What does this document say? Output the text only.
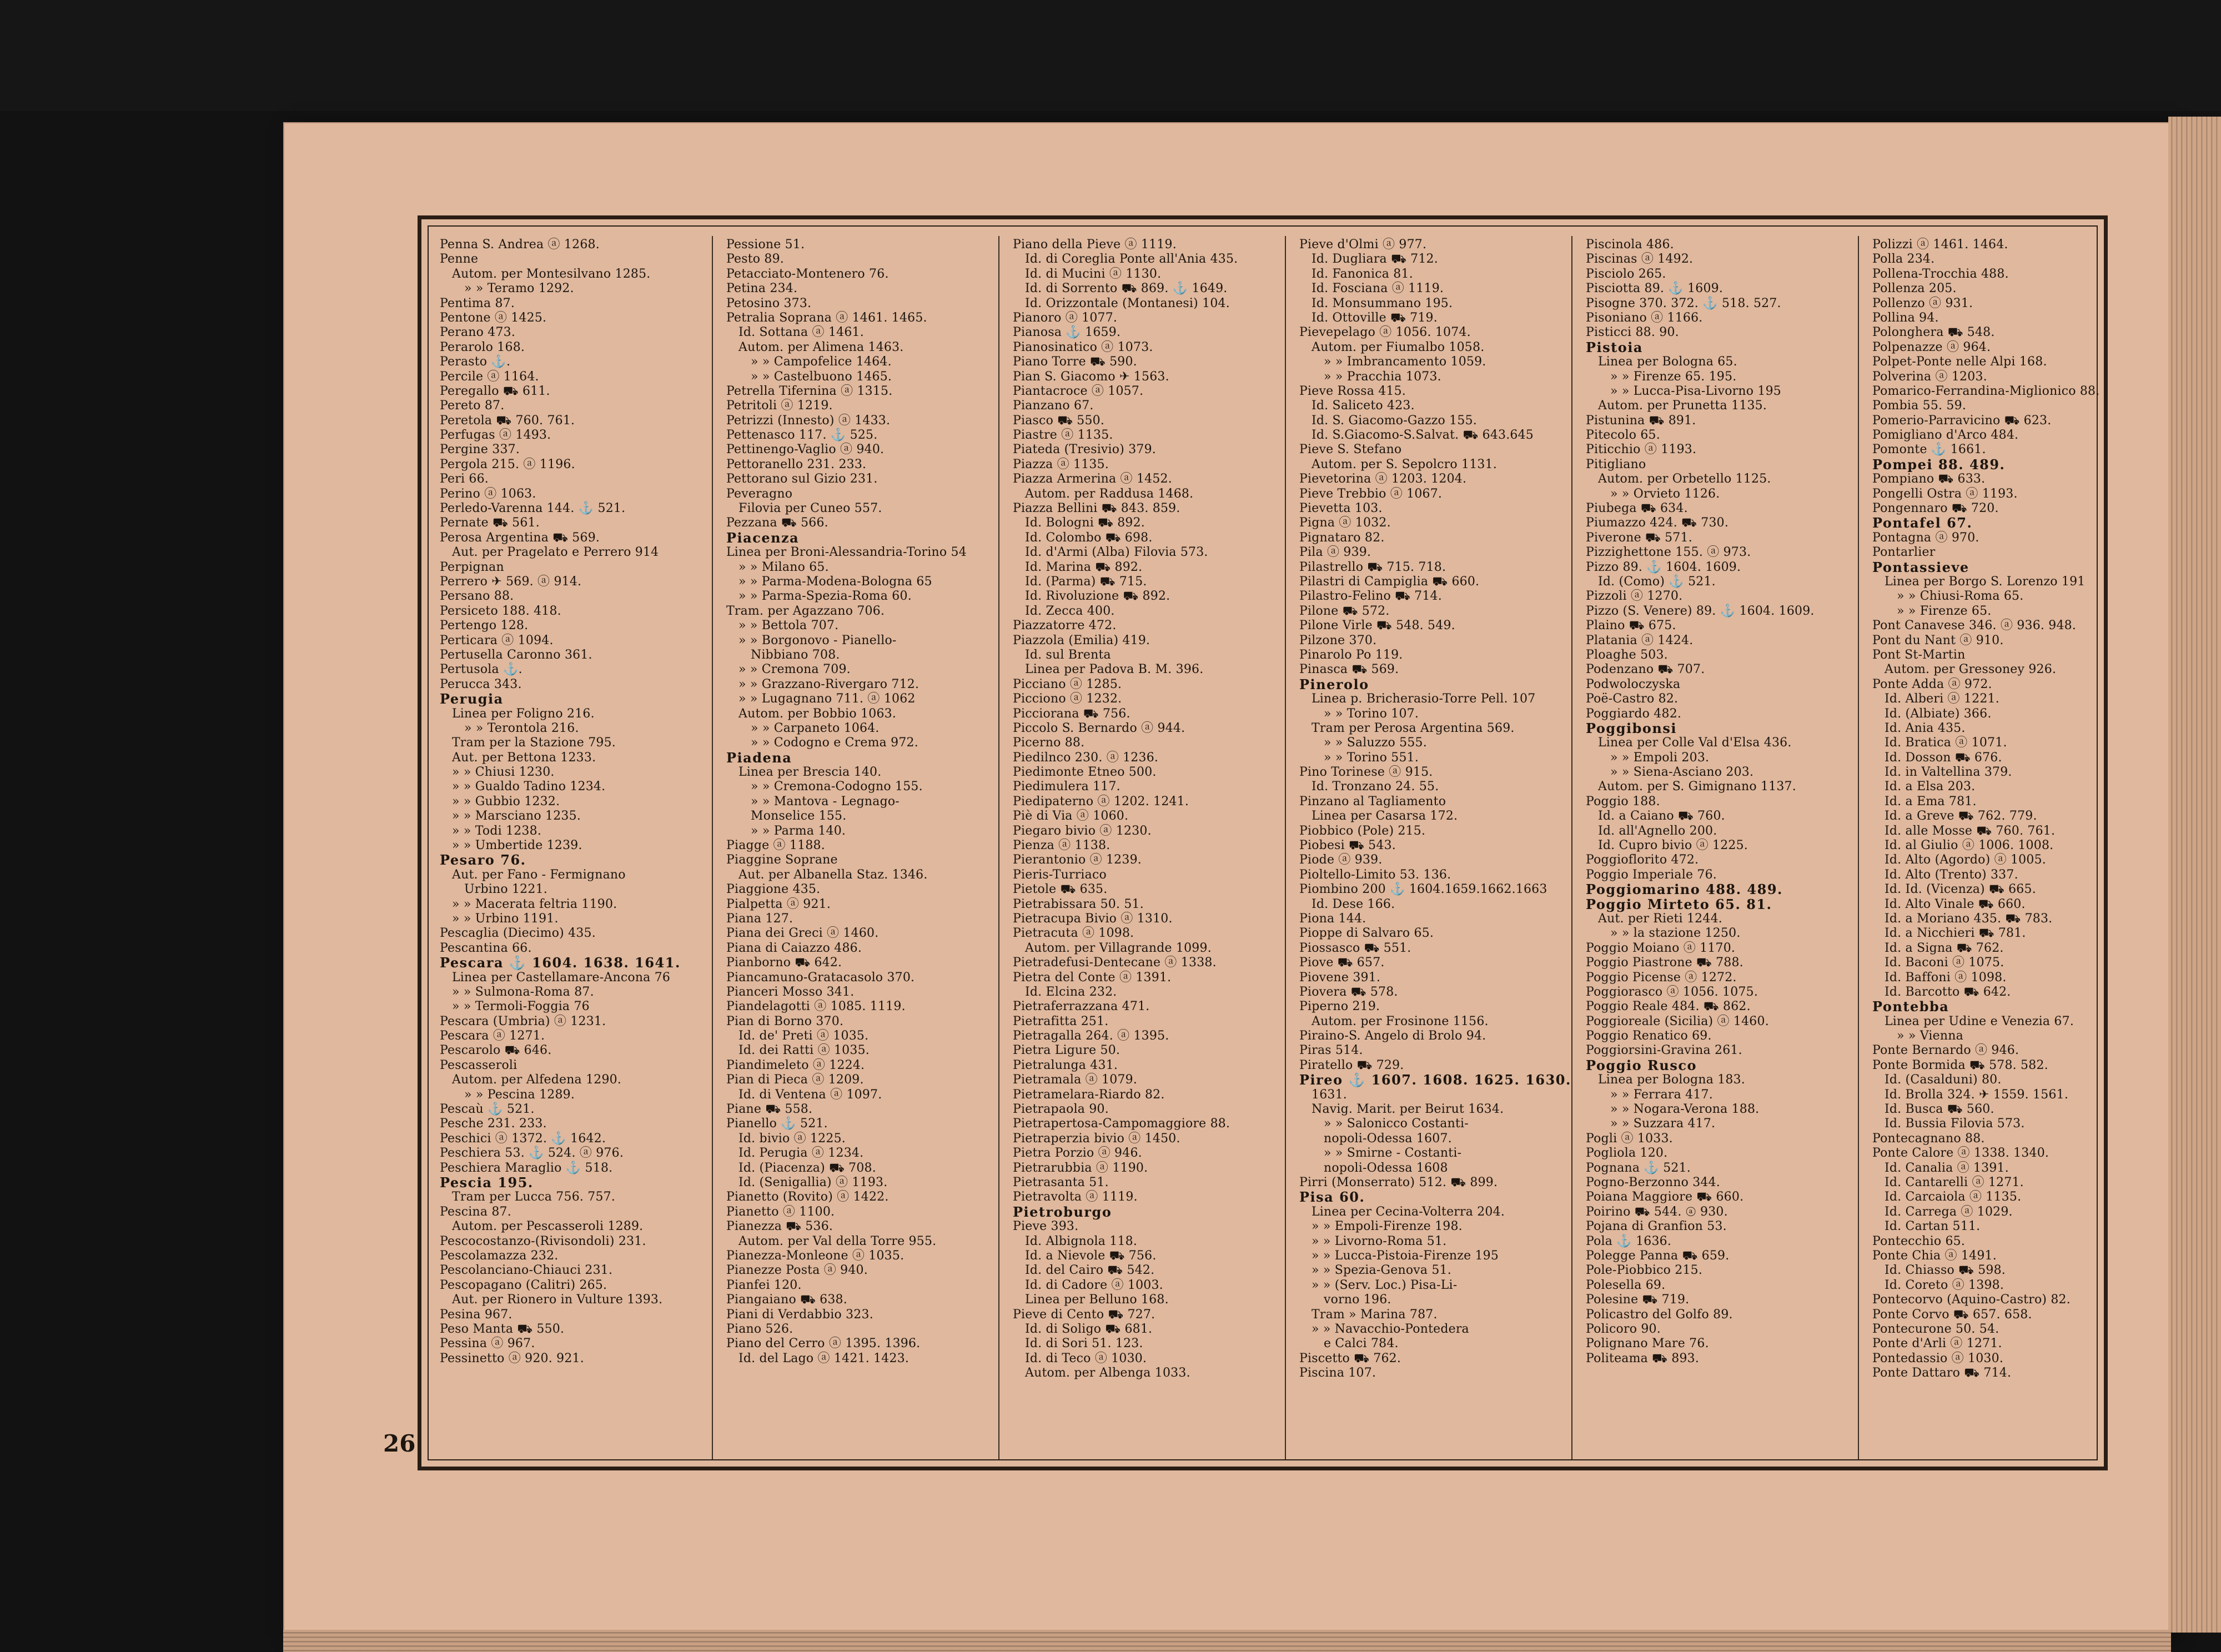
Penna S. Andrea ⓐ 1268.
Penne
Autom. per Montesilvano 1285.
» » Teramo 1292.
Pentima 87.
Pentone ⓐ 1425.
Perano 473.
Perarolo 168.
Perasto ⚓.
Percile ⓐ 1164.
Peregallo ⛟ 611.
Pereto 87.
Peretola ⛟ 760. 761.
Perfugas ⓐ 1493.
Pergine 337.
Pergola 215. ⓐ 1196.
Peri 66.
Perino ⓐ 1063.
Perledo-Varenna 144. ⚓ 521.
Pernate ⛟ 561.
Perosa Argentina ⛟ 569.
Aut. per Pragelato e Perrero 914
Perpignan
Perrero ✈ 569. ⓐ 914.
Persano 88.
Persiceto 188. 418.
Pertengo 128.
Perticara ⓐ 1094.
Pertusella Caronno 361.
Pertusola ⚓.
Perucca 343.
Perugia
Linea per Foligno 216.
» » Terontola 216.
Tram per la Stazione 795.
Aut. per Bettona 1233.
» » Chiusi 1230.
» » Gualdo Tadino 1234.
» » Gubbio 1232.
» » Marsciano 1235.
» » Todi 1238.
» » Umbertide 1239.
Pesaro 76.
Aut. per Fano - Fermignano
Urbino 1221.
» » Macerata feltria 1190.
» » Urbino 1191.
Pescaglia (Diecimo) 435.
Pescantina 66.
Pescara ⚓ 1604. 1638. 1641.
Linea per Castellamare-Ancona 76
» » Sulmona-Roma 87.
» » Termoli-Foggia 76
Pescara (Umbria) ⓐ 1231.
Pescara ⓐ 1271.
Pescarolo ⛟ 646.
Pescasseroli
Autom. per Alfedena 1290.
» » Pescina 1289.
Pescaù ⚓ 521.
Pesche 231. 233.
Peschici ⓐ 1372. ⚓ 1642.
Peschiera 53. ⚓ 524. ⓐ 976.
Peschiera Maraglio ⚓ 518.
Pescia 195.
Tram per Lucca 756. 757.
Pescina 87.
Autom. per Pescasseroli 1289.
Pescocostanzo-(Rivisondoli) 231.
Pescolamazza 232.
Pescolanciano-Chiauci 231.
Pescopagano (Calitri) 265.
Aut. per Rionero in Vulture 1393.
Pesina 967.
Peso Manta ⛟ 550.
Pessina ⓐ 967.
Pessinetto ⓐ 920. 921.
Pessione 51.
Pesto 89.
Petacciato-Montenero 76.
Petina 234.
Petosino 373.
Petralia Soprana ⓐ 1461. 1465.
Id. Sottana ⓐ 1461.
Autom. per Alimena 1463.
» » Campofelice 1464.
» » Castelbuono 1465.
Petrella Tifernina ⓐ 1315.
Petritoli ⓐ 1219.
Petrizzi (Innesto) ⓐ 1433.
Pettenasco 117. ⚓ 525.
Pettinengo-Vaglio ⓐ 940.
Pettoranello 231. 233.
Pettorano sul Gizio 231.
Peveragno
Filovia per Cuneo 557.
Pezzana ⛟ 566.
Piacenza
Linea per Broni-Alessandria-Torino 54
» » Milano 65.
» » Parma-Modena-Bologna 65
» » Parma-Spezia-Roma 60.
Tram. per Agazzano 706.
» » Bettola 707.
» » Borgonovo - Pianello-
Nibbiano 708.
» » Cremona 709.
» » Grazzano-Rivergaro 712.
» » Lugagnano 711. ⓐ 1062
Autom. per Bobbio 1063.
» » Carpaneto 1064.
» » Codogno e Crema 972.
Piadena
Linea per Brescia 140.
» » Cremona-Codogno 155.
» » Mantova - Legnago-
Monselice 155.
» » Parma 140.
Piagge ⓐ 1188.
Piaggine Soprane
Aut. per Albanella Staz. 1346.
Piaggione 435.
Pialpetta ⓐ 921.
Piana 127.
Piana dei Greci ⓐ 1460.
Piana di Caiazzo 486.
Pianborno ⛟ 642.
Piancamuno-Gratacasolo 370.
Pianceri Mosso 341.
Piandelagotti ⓐ 1085. 1119.
Pian di Borno 370.
Id. de' Preti ⓐ 1035.
Id. dei Ratti ⓐ 1035.
Piandimeleto ⓐ 1224.
Pian di Pieca ⓐ 1209.
Id. di Ventena ⓐ 1097.
Piane ⛟ 558.
Pianello ⚓ 521.
Id. bivio ⓐ 1225.
Id. Perugia ⓐ 1234.
Id. (Piacenza) ⛟ 708.
Id. (Senigallia) ⓐ 1193.
Pianetto (Rovito) ⓐ 1422.
Pianetto ⓐ 1100.
Pianezza ⛟ 536.
Autom. per Val della Torre 955.
Pianezza-Monleone ⓐ 1035.
Pianezze Posta ⓐ 940.
Pianfei 120.
Piangaiano ⛟ 638.
Piani di Verdabbio 323.
Piano 526.
Piano del Cerro ⓐ 1395. 1396.
Id. del Lago ⓐ 1421. 1423.
Piano della Pieve ⓐ 1119.
Id. di Coreglia Ponte all'Ania 435.
Id. di Mucini ⓐ 1130.
Id. di Sorrento ⛟ 869. ⚓ 1649.
Id. Orizzontale (Montanesi) 104.
Pianoro ⓐ 1077.
Pianosa ⚓ 1659.
Pianosinatico ⓐ 1073.
Piano Torre ⛟ 590.
Pian S. Giacomo ✈ 1563.
Piantacroce ⓐ 1057.
Pianzano 67.
Piasco ⛟ 550.
Piastre ⓐ 1135.
Piateda (Tresivio) 379.
Piazza ⓐ 1135.
Piazza Armerina ⓐ 1452.
Autom. per Raddusa 1468.
Piazza Bellini ⛟ 843. 859.
Id. Bologni ⛟ 892.
Id. Colombo ⛟ 698.
Id. d'Armi (Alba) Filovia 573.
Id. Marina ⛟ 892.
Id. (Parma) ⛟ 715.
Id. Rivoluzione ⛟ 892.
Id. Zecca 400.
Piazzatorre 472.
Piazzola (Emilia) 419.
Id. sul Brenta
Linea per Padova B. M. 396.
Picciano ⓐ 1285.
Picciono ⓐ 1232.
Picciorana ⛟ 756.
Piccolo S. Bernardo ⓐ 944.
Picerno 88.
Piedilnco 230. ⓐ 1236.
Piedimonte Etneo 500.
Piedimulera 117.
Piedipaterno ⓐ 1202. 1241.
Piè di Via ⓐ 1060.
Piegaro bivio ⓐ 1230.
Pienza ⓐ 1138.
Pierantonio ⓐ 1239.
Pieris-Turriaco
Pietole ⛟ 635.
Pietrabissara 50. 51.
Pietracupa Bivio ⓐ 1310.
Pietracuta ⓐ 1098.
Autom. per Villagrande 1099.
Pietradefusi-Dentecane ⓐ 1338.
Pietra del Conte ⓐ 1391.
Id. Elcina 232.
Pietraferrazzana 471.
Pietrafitta 251.
Pietragalla 264. ⓐ 1395.
Pietra Ligure 50.
Pietralunga 431.
Pietramala ⓐ 1079.
Pietramelara-Riardo 82.
Pietrapaola 90.
Pietrapertosa-Campomaggiore 88.
Pietraperzia bivio ⓐ 1450.
Pietra Porzio ⓐ 946.
Pietrarubbia ⓐ 1190.
Pietrasanta 51.
Pietravolta ⓐ 1119.
Pietroburgo
Pieve 393.
Id. Albignola 118.
Id. a Nievole ⛟ 756.
Id. del Cairo ⛟ 542.
Id. di Cadore ⓐ 1003.
Linea per Belluno 168.
Pieve di Cento ⛟ 727.
Id. di Soligo ⛟ 681.
Id. di Sori 51. 123.
Id. di Teco ⓐ 1030.
Autom. per Albenga 1033.
Pieve d'Olmi ⓐ 977.
Id. Dugliara ⛟ 712.
Id. Fanonica 81.
Id. Fosciana ⓐ 1119.
Id. Monsummano 195.
Id. Ottoville ⛟ 719.
Pievepelago ⓐ 1056. 1074.
Autom. per Fiumalbo 1058.
» » Imbrancamento 1059.
» » Pracchia 1073.
Pieve Rossa 415.
Id. Saliceto 423.
Id. S. Giacomo-Gazzo 155.
Id. S.Giacomo-S.Salvat. ⛟ 643.645
Pieve S. Stefano
Autom. per S. Sepolcro 1131.
Pievetorina ⓐ 1203. 1204.
Pieve Trebbio ⓐ 1067.
Pievetta 103.
Pigna ⓐ 1032.
Pignataro 82.
Pila ⓐ 939.
Pilastrello ⛟ 715. 718.
Pilastri di Campiglia ⛟ 660.
Pilastro-Felino ⛟ 714.
Pilone ⛟ 572.
Pilone Virle ⛟ 548. 549.
Pilzone 370.
Pinarolo Po 119.
Pinasca ⛟ 569.
Pinerolo
Linea p. Bricherasio-Torre Pell. 107
» » Torino 107.
Tram per Perosa Argentina 569.
» » Saluzzo 555.
» » Torino 551.
Pino Torinese ⓐ 915.
Id. Tronzano 24. 55.
Pinzano al Tagliamento
Linea per Casarsa 172.
Piobbico (Pole) 215.
Piobesi ⛟ 543.
Piode ⓐ 939.
Pioltello-Limito 53. 136.
Piombino 200 ⚓ 1604.1659.1662.1663
Id. Dese 166.
Piona 144.
Pioppe di Salvaro 65.
Piossasco ⛟ 551.
Piove ⛟ 657.
Piovene 391.
Piovera ⛟ 578.
Piperno 219.
Autom. per Frosinone 1156.
Piraino-S. Angelo di Brolo 94.
Piras 514.
Piratello ⛟ 729.
Pireo ⚓ 1607. 1608. 1625. 1630.
1631.
Navig. Marit. per Beirut 1634.
» » Salonicco Costanti-
nopoli-Odessa 1607.
» » Smirne - Costanti-
nopoli-Odessa 1608
Pirri (Monserrato) 512. ⛟ 899.
Pisa 60.
Linea per Cecina-Volterra 204.
» » Empoli-Firenze 198.
» » Livorno-Roma 51.
» » Lucca-Pistoia-Firenze 195
» » Spezia-Genova 51.
» » (Serv. Loc.) Pisa-Li-
vorno 196.
Tram » Marina 787.
» » Navacchio-Pontedera
e Calci 784.
Piscetto ⛟ 762.
Piscina 107.
Piscinola 486.
Piscinas ⓐ 1492.
Pisciolo 265.
Pisciotta 89. ⚓ 1609.
Pisogne 370. 372. ⚓ 518. 527.
Pisoniano ⓐ 1166.
Pisticci 88. 90.
Pistoia
Linea per Bologna 65.
» » Firenze 65. 195.
» » Lucca-Pisa-Livorno 195
Autom. per Prunetta 1135.
Pistunina ⛟ 891.
Pitecolo 65.
Piticchio ⓐ 1193.
Pitigliano
Autom. per Orbetello 1125.
» » Orvieto 1126.
Piubega ⛟ 634.
Piumazzo 424. ⛟ 730.
Piverone ⛟ 571.
Pizzighettone 155. ⓐ 973.
Pizzo 89. ⚓ 1604. 1609.
Id. (Como) ⚓ 521.
Pizzoli ⓐ 1270.
Pizzo (S. Venere) 89. ⚓ 1604. 1609.
Plaino ⛟ 675.
Platania ⓐ 1424.
Ploaghe 503.
Podenzano ⛟ 707.
Podwoloczyska
Poë-Castro 82.
Poggiardo 482.
Poggibonsi
Linea per Colle Val d'Elsa 436.
» » Empoli 203.
» » Siena-Asciano 203.
Autom. per S. Gimignano 1137.
Poggio 188.
Id. a Caiano ⛟ 760.
Id. all'Agnello 200.
Id. Cupro bivio ⓐ 1225.
Poggioflorito 472.
Poggio Imperiale 76.
Poggiomarino 488. 489.
Poggio Mirteto 65. 81.
Aut. per Rieti 1244.
» » la stazione 1250.
Poggio Moiano ⓐ 1170.
Poggio Piastrone ⛟ 788.
Poggio Picense ⓐ 1272.
Poggiorasco ⓐ 1056. 1075.
Poggio Reale 484. ⛟ 862.
Poggioreale (Sicilia) ⓐ 1460.
Poggio Renatico 69.
Poggiorsini-Gravina 261.
Poggio Rusco
Linea per Bologna 183.
» » Ferrara 417.
» » Nogara-Verona 188.
» » Suzzara 417.
Pogli ⓐ 1033.
Pogliola 120.
Pognana ⚓ 521.
Pogno-Berzonno 344.
Poiana Maggiore ⛟ 660.
Poirino ⛟ 544. ⓐ 930.
Pojana di Granfion 53.
Pola ⚓ 1636.
Polegge Panna ⛟ 659.
Pole-Piobbico 215.
Polesella 69.
Polesine ⛟ 719.
Policastro del Golfo 89.
Policoro 90.
Polignano Mare 76.
Politeama ⛟ 893.
Polizzi ⓐ 1461. 1464.
Polla 234.
Pollena-Trocchia 488.
Pollenza 205.
Pollenzo ⓐ 931.
Pollina 94.
Polonghera ⛟ 548.
Polpenazze ⓐ 964.
Polpet-Ponte nelle Alpi 168.
Polverina ⓐ 1203.
Pomarico-Ferrandina-Miglionico 88.
Pombia 55. 59.
Pomerio-Parravicino ⛟ 623.
Pomigliano d'Arco 484.
Pomonte ⚓ 1661.
Pompei 88. 489.
Pompiano ⛟ 633.
Pongelli Ostra ⓐ 1193.
Pongennaro ⛟ 720.
Pontafel 67.
Pontagna ⓐ 970.
Pontarlier
Pontassieve
Linea per Borgo S. Lorenzo 191
» » Chiusi-Roma 65.
» » Firenze 65.
Pont Canavese 346. ⓐ 936. 948.
Pont du Nant ⓐ 910.
Pont St-Martin
Autom. per Gressoney 926.
Ponte Adda ⓐ 972.
Id. Alberi ⓐ 1221.
Id. (Albiate) 366.
Id. Ania 435.
Id. Bratica ⓐ 1071.
Id. Dosson ⛟ 676.
Id. in Valtellina 379.
Id. a Elsa 203.
Id. a Ema 781.
Id. a Greve ⛟ 762. 779.
Id. alle Mosse ⛟ 760. 761.
Id. al Giulio ⓐ 1006. 1008.
Id. Alto (Agordo) ⓐ 1005.
Id. Alto (Trento) 337.
Id. Id. (Vicenza) ⛟ 665.
Id. Alto Vinale ⛟ 660.
Id. a Moriano 435. ⛟ 783.
Id. a Nicchieri ⛟ 781.
Id. a Signa ⛟ 762.
Id. Baconi ⓐ 1075.
Id. Baffoni ⓐ 1098.
Id. Barcotto ⛟ 642.
Pontebba
Linea per Udine e Venezia 67.
» » Vienna
Ponte Bernardo ⓐ 946.
Ponte Bormida ⛟ 578. 582.
Id. (Casalduni) 80.
Id. Brolla 324. ✈ 1559. 1561.
Id. Busca ⛟ 560.
Id. Bussia Filovia 573.
Pontecagnano 88.
Ponte Calore ⓐ 1338. 1340.
Id. Canalia ⓐ 1391.
Id. Cantarelli ⓐ 1271.
Id. Carcaiola ⓐ 1135.
Id. Carrega ⓐ 1029.
Id. Cartan 511.
Pontecchio 65.
Ponte Chia ⓐ 1491.
Id. Chiasso ⛟ 598.
Id. Coreto ⓐ 1398.
Pontecorvo (Aquino-Castro) 82.
Ponte Corvo ⛟ 657. 658.
Pontecurone 50. 54.
Ponte d'Arli ⓐ 1271.
Pontedassio ⓐ 1030.
Ponte Dattaro ⛟ 714.
26
